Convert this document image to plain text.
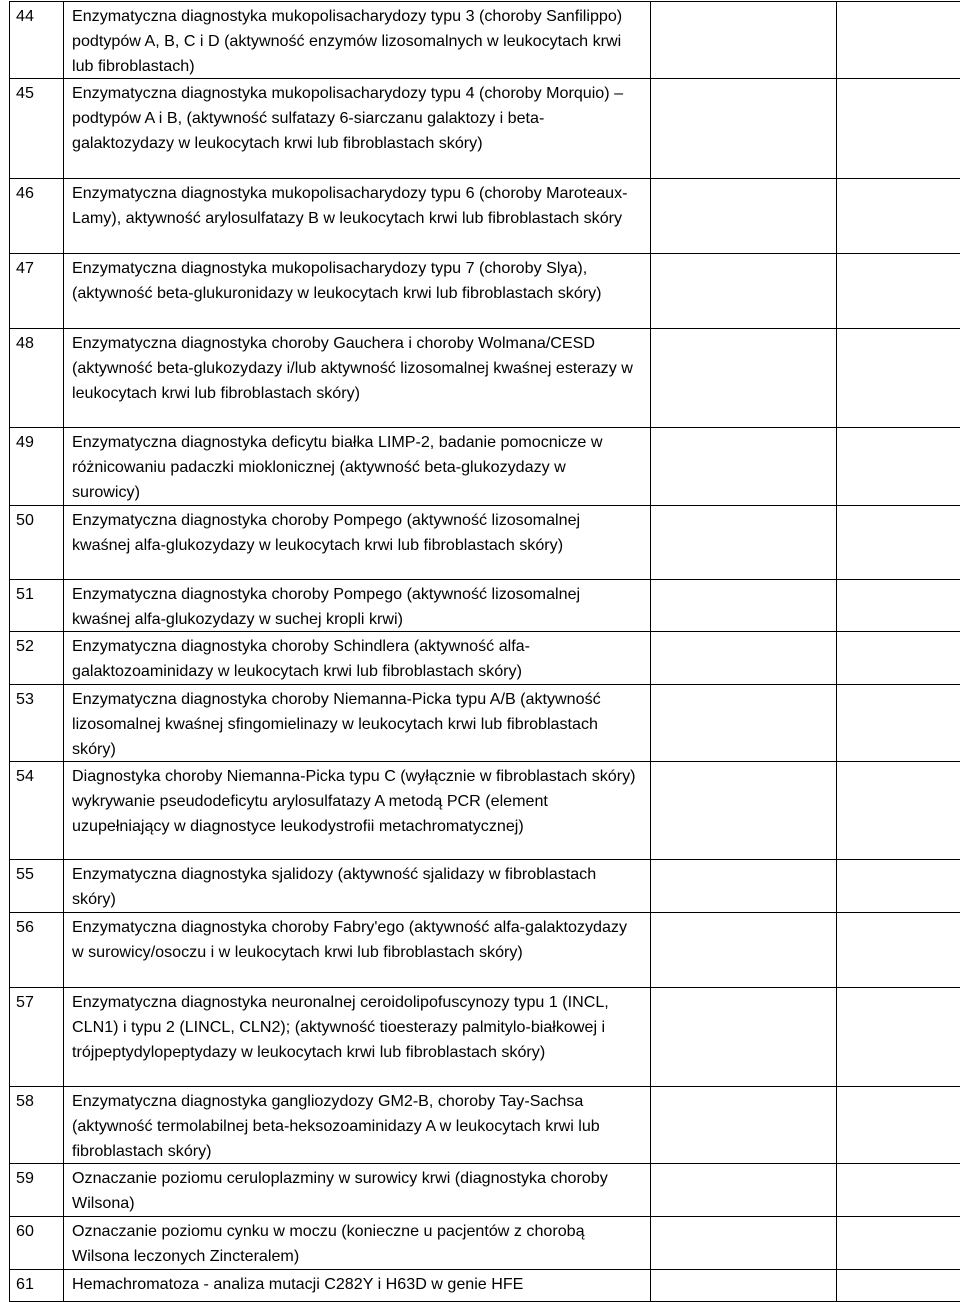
44	Enzymatyczna diagnostyka mukopolisacharydozy typu 3 (choroby Sanfilippo) podtypów A, B, C i D (aktywność enzymów lizosomalnych w leukocytach krwi lub fibroblastach)		
45	Enzymatyczna diagnostyka mukopolisacharydozy typu 4 (choroby Morquio) – podtypów A i B, (aktywność sulfatazy 6-siarczanu galaktozy i beta-galaktozydazy w leukocytach krwi lub fibroblastach skóry)		
46	Enzymatyczna diagnostyka mukopolisacharydozy typu 6 (choroby Maroteaux-Lamy), aktywność arylosulfatazy B w leukocytach krwi lub fibroblastach skóry		
47	Enzymatyczna diagnostyka mukopolisacharydozy typu 7 (choroby Slya), (aktywność beta-glukuronidazy w leukocytach krwi lub fibroblastach skóry)		
48	Enzymatyczna diagnostyka choroby Gauchera i choroby Wolmana/CESD (aktywność beta-glukozydazy i/lub aktywność lizosomalnej kwaśnej esterazy w leukocytach krwi lub fibroblastach skóry)		
49	Enzymatyczna diagnostyka deficytu białka LIMP-2, badanie pomocnicze w różnicowaniu padaczki mioklonicznej (aktywność beta-glukozydazy w surowicy)		
50	Enzymatyczna diagnostyka choroby Pompego (aktywność lizosomalnej kwaśnej alfa-glukozydazy w leukocytach krwi lub fibroblastach skóry)		
51	Enzymatyczna diagnostyka choroby Pompego (aktywność lizosomalnej kwaśnej alfa-glukozydazy w suchej kropli krwi)		
52	Enzymatyczna diagnostyka choroby Schindlera (aktywność alfa-galaktozoaminidazy w leukocytach krwi lub fibroblastach skóry)		
53	Enzymatyczna diagnostyka choroby Niemanna-Picka typu A/B (aktywność lizosomalnej kwaśnej sfingomielinazy w leukocytach krwi lub fibroblastach skóry)		
54	Diagnostyka choroby Niemanna-Picka typu C (wyłącznie w fibroblastach skóry) wykrywanie pseudodeficytu arylosulfatazy A metodą PCR (element uzupełniający w diagnostyce leukodystrofii metachromatycznej)		
55	Enzymatyczna diagnostyka sjalidozy (aktywność sjalidazy w fibroblastach skóry)		
56	Enzymatyczna diagnostyka choroby Fabry'ego (aktywność alfa-galaktozydazy w surowicy/osoczu i w leukocytach krwi lub fibroblastach skóry)		
57	Enzymatyczna diagnostyka neuronalnej ceroidolipofuscynozy typu 1 (INCL, CLN1) i typu 2 (LINCL, CLN2); (aktywność tioesterazy palmitylo-białkowej i trójpeptydylopeptydazy w leukocytach krwi lub fibroblastach skóry)		
58	Enzymatyczna diagnostyka gangliozydozy GM2-B, choroby Tay-Sachsa (aktywność termolabilnej beta-heksozoaminidazy A w leukocytach krwi lub fibroblastach skóry)		
59	Oznaczanie poziomu ceruloplazminy w surowicy krwi (diagnostyka choroby Wilsona)		
60	Oznaczanie poziomu cynku w moczu (konieczne u pacjentów z chorobą Wilsona leczonych Zincteralem)		
61	Hemachromatoza - analiza mutacji C282Y i H63D w genie HFE		
